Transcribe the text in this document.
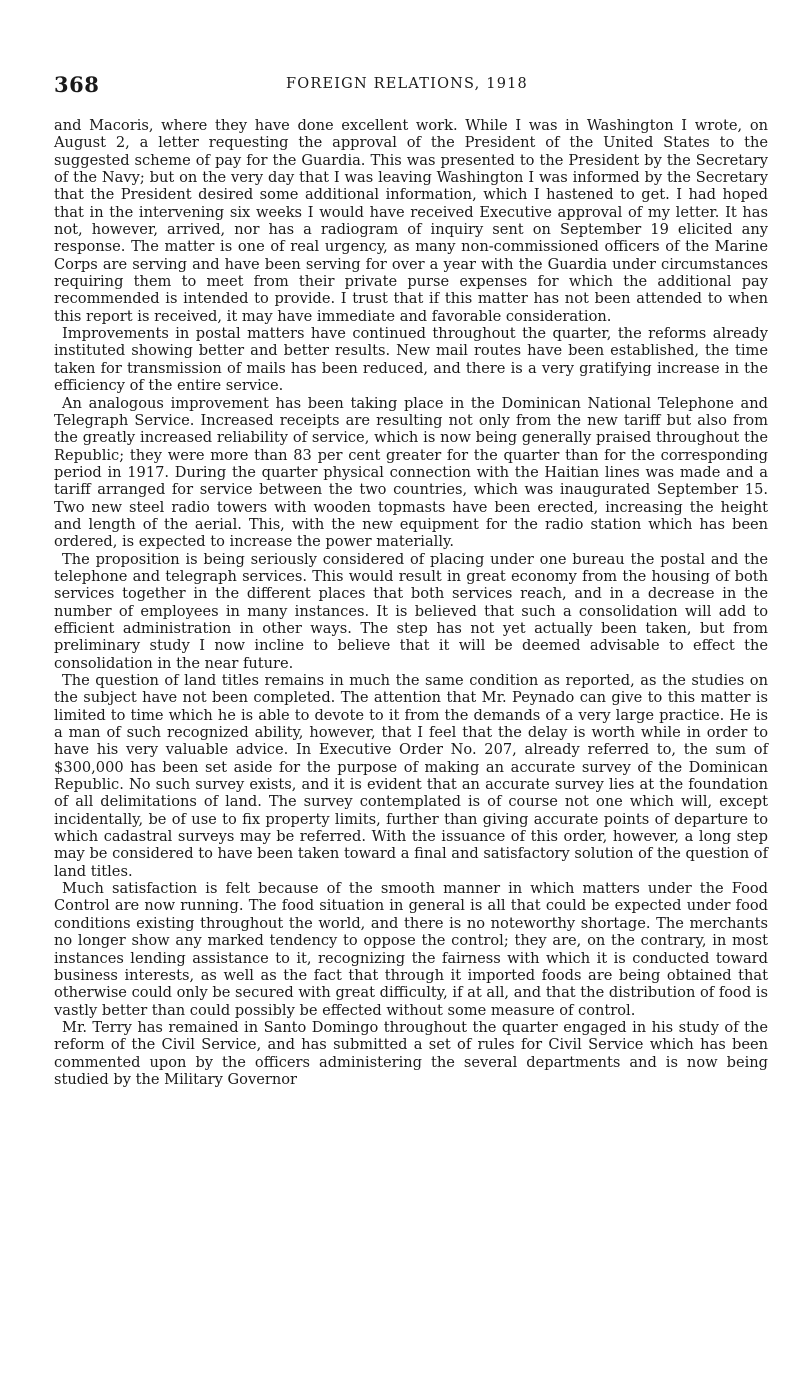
368	FOREIGN RELATIONS, 1918

and Macoris, where they have done excellent work. While I was in Washington I wrote, on August 2, a letter requesting the approval of the President of the United States to the suggested scheme of pay for the Guardia. This was presented to the President by the Secretary of the Navy; but on the very day that I was leaving Washington I was informed by the Secretary that the President desired some additional information, which I hastened to get. I had hoped that in the intervening six weeks I would have received Executive approval of my letter. It has not, however, arrived, nor has a radiogram of inquiry sent on September 19 elicited any response. The matter is one of real urgency, as many non-commissioned officers of the Marine Corps are serving and have been serving for over a year with the Guardia under circumstances requiring them to meet from their private purse expenses for which the additional pay recommended is intended to provide. I trust that if this matter has not been attended to when this report is received, it may have immediate and favorable consideration.

Improvements in postal matters have continued throughout the quarter, the reforms already instituted showing better and better results. New mail routes have been established, the time taken for transmission of mails has been reduced, and there is a very gratifying increase in the efficiency of the entire service.

An analogous improvement has been taking place in the Dominican National Telephone and Telegraph Service. Increased receipts are resulting not only from the new tariff but also from the greatly increased reliability of service, which is now being generally praised throughout the Republic; they were more than 83 per cent greater for the quarter than for the corresponding period in 1917. During the quarter physical connection with the Haitian lines was made and a tariff arranged for service between the two countries, which was inaugurated September 15. Two new steel radio towers with wooden topmasts have been erected, increasing the height and length of the aerial. This, with the new equipment for the radio station which has been ordered, is expected to increase the power materially.

The proposition is being seriously considered of placing under one bureau the postal and the telephone and telegraph services. This would result in great economy from the housing of both services together in the different places that both services reach, and in a decrease in the number of employees in many instances. It is believed that such a consolidation will add to efficient administration in other ways. The step has not yet actually been taken, but from preliminary study I now incline to believe that it will be deemed advisable to effect the consolidation in the near future.

The question of land titles remains in much the same condition as reported, as the studies on the subject have not been completed. The attention that Mr. Peynado can give to this matter is limited to time which he is able to devote to it from the demands of a very large practice. He is a man of such recognized ability, however, that I feel that the delay is worth while in order to have his very valuable advice. In Executive Order No. 207, already referred to, the sum of $300,000 has been set aside for the purpose of making an accurate survey of the Dominican Republic. No such survey exists, and it is evident that an accurate survey lies at the foundation of all delimitations of land. The survey contemplated is of course not one which will, except incidentally, be of use to fix property limits, further than giving accurate points of departure to which cadastral surveys may be referred. With the issuance of this order, however, a long step may be considered to have been taken toward a final and satisfactory solution of the question of land titles.

Much satisfaction is felt because of the smooth manner in which matters under the Food Control are now running. The food situation in general is all that could be expected under food conditions existing throughout the world, and there is no noteworthy shortage. The merchants no longer show any marked tendency to oppose the control; they are, on the contrary, in most instances lending assistance to it, recognizing the fairness with which it is conducted toward business interests, as well as the fact that through it imported foods are being obtained that otherwise could only be secured with great difficulty, if at all, and that the distribution of food is vastly better than could possibly be effected without some measure of control.

Mr. Terry has remained in Santo Domingo throughout the quarter engaged in his study of the reform of the Civil Service, and has submitted a set of rules for Civil Service which has been commented upon by the officers administering the several departments and is now being studied by the Military Governor
